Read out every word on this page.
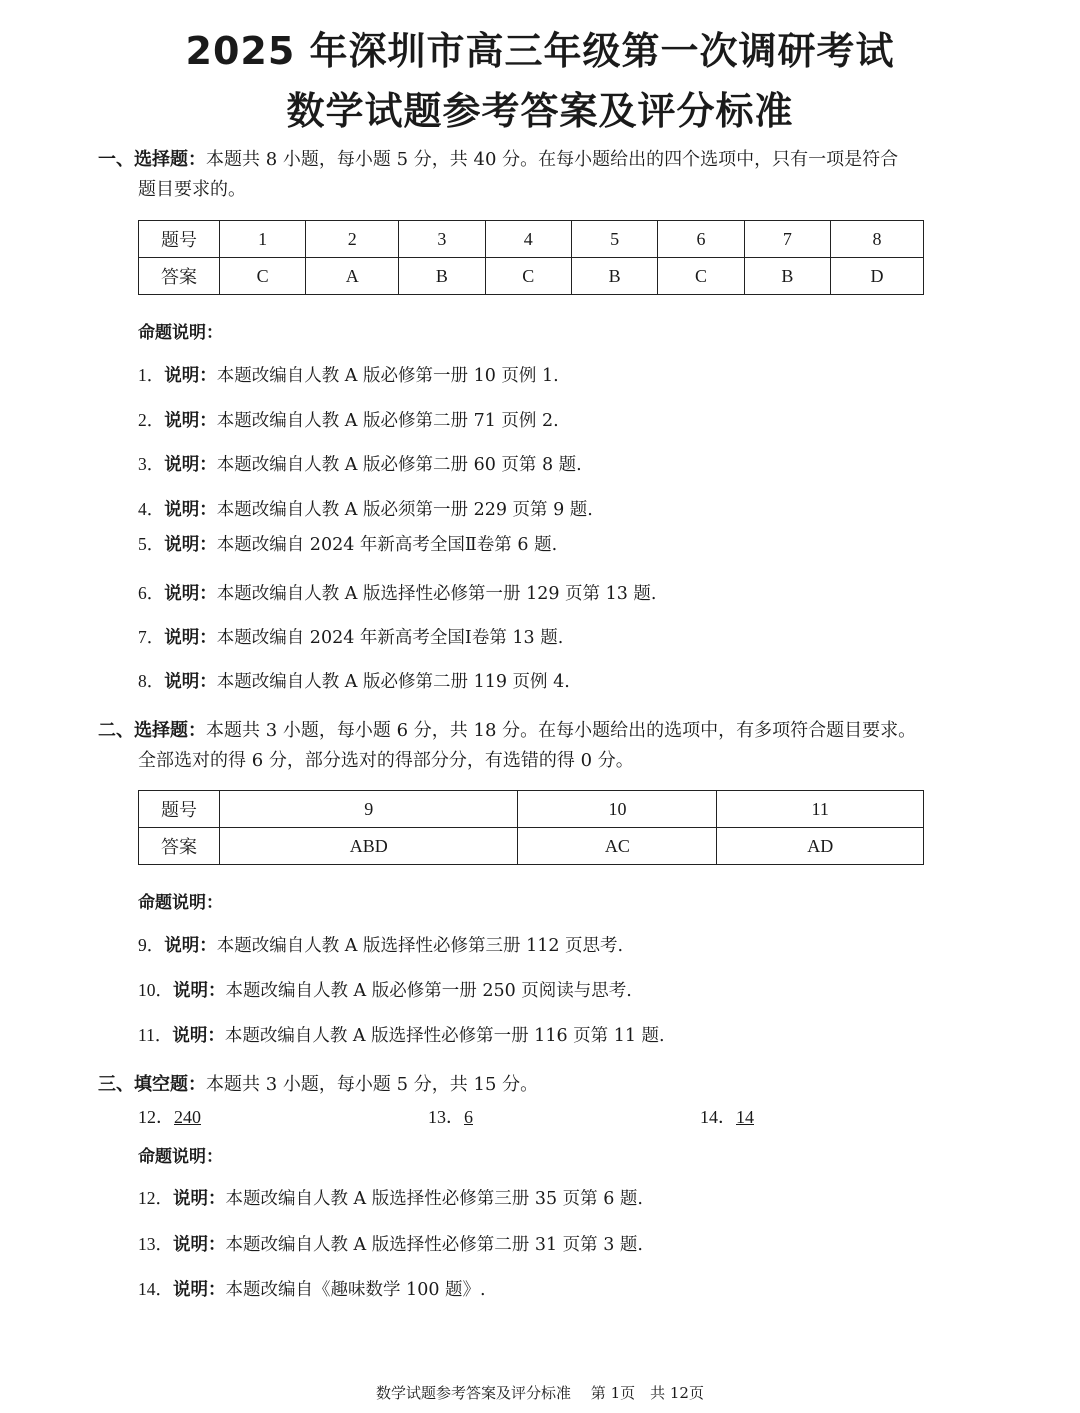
2025 年深圳市高三年级第一次调研考试
数学试题参考答案及评分标准
一、选择题：本题共 8 小题，每小题 5 分，共 40 分。在每小题给出的四个选项中，只有一项是符合
题目要求的。
题号	1	2	3	4	5	6	7	8
答案	C	A	B	C	B	C	B	D
命题说明：
1．说明：本题改编自人教 A 版必修第一册 10 页例 1.
2．说明：本题改编自人教 A 版必修第二册 71 页例 2.
3．说明：本题改编自人教 A 版必修第二册 60 页第 8 题.
4．说明：本题改编自人教 A 版必须第一册 229 页第 9 题.
5．说明：本题改编自 2024 年新高考全国Ⅱ卷第 6 题.
6．说明：本题改编自人教 A 版选择性必修第一册 129 页第 13 题.
7．说明：本题改编自 2024 年新高考全国Ⅰ卷第 13 题.
8．说明：本题改编自人教 A 版必修第二册 119 页例 4.
二、选择题：本题共 3 小题，每小题 6 分，共 18 分。在每小题给出的选项中，有多项符合题目要求。
全部选对的得 6 分，部分选对的得部分分，有选错的得 0 分。
题号	9	10	11
答案	ABD	AC	AD
命题说明：
9．说明：本题改编自人教 A 版选择性必修第三册 112 页思考.
10．说明：本题改编自人教 A 版必修第一册 250 页阅读与思考.
11．说明：本题改编自人教 A 版选择性必修第一册 116 页第 11 题.
三、填空题：本题共 3 小题，每小题 5 分，共 15 分。
12．240	13．6	14．14
命题说明：
12．说明：本题改编自人教 A 版选择性必修第三册 35 页第 6 题.
13．说明：本题改编自人教 A 版选择性必修第二册 31 页第 3 题.
14．说明：本题改编自《趣味数学 100 题》.
数学试题参考答案及评分标准　 第 1页　共 12页
